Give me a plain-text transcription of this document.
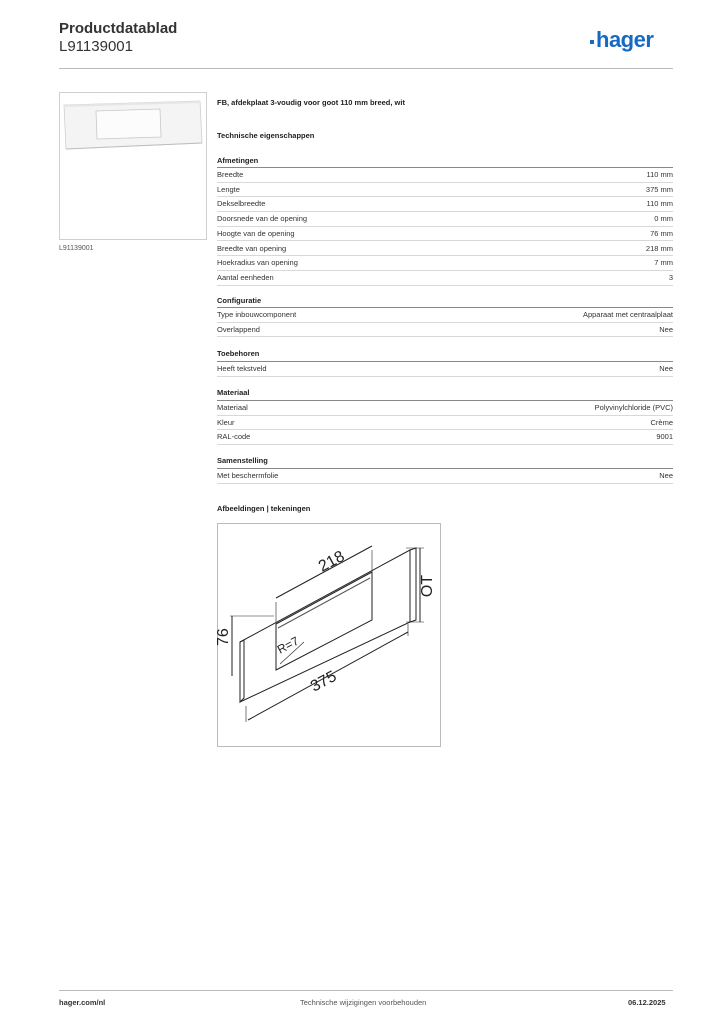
Productdatablad
L91139001	hager
L91139001
FB, afdekplaat 3-voudig voor goot 110 mm breed, wit
Technische eigenschappen
Afmetingen
Breedte	110 mm
Lengte	375 mm
Dekselbreedte	110 mm
Doorsnede van de opening	0 mm
Hoogte van de opening	76 mm
Breedte van opening	218 mm
Hoekradius van opening	7 mm
Aantal eenheden	3
Configuratie
Type inbouwcomponent	Apparaat met centraalplaat
Overlappend	Nee
Toebehoren
Heeft tekstveld	Nee
Materiaal
Materiaal	Polyvinylchloride (PVC)
Kleur	Crème
RAL-code	9001
Samenstelling
Met beschermfolie	Nee
Afbeeldingen | tekeningen
218
76	R=7
375
OT
hager.com/nl	Technische wijzigingen voorbehouden	06.12.2025
